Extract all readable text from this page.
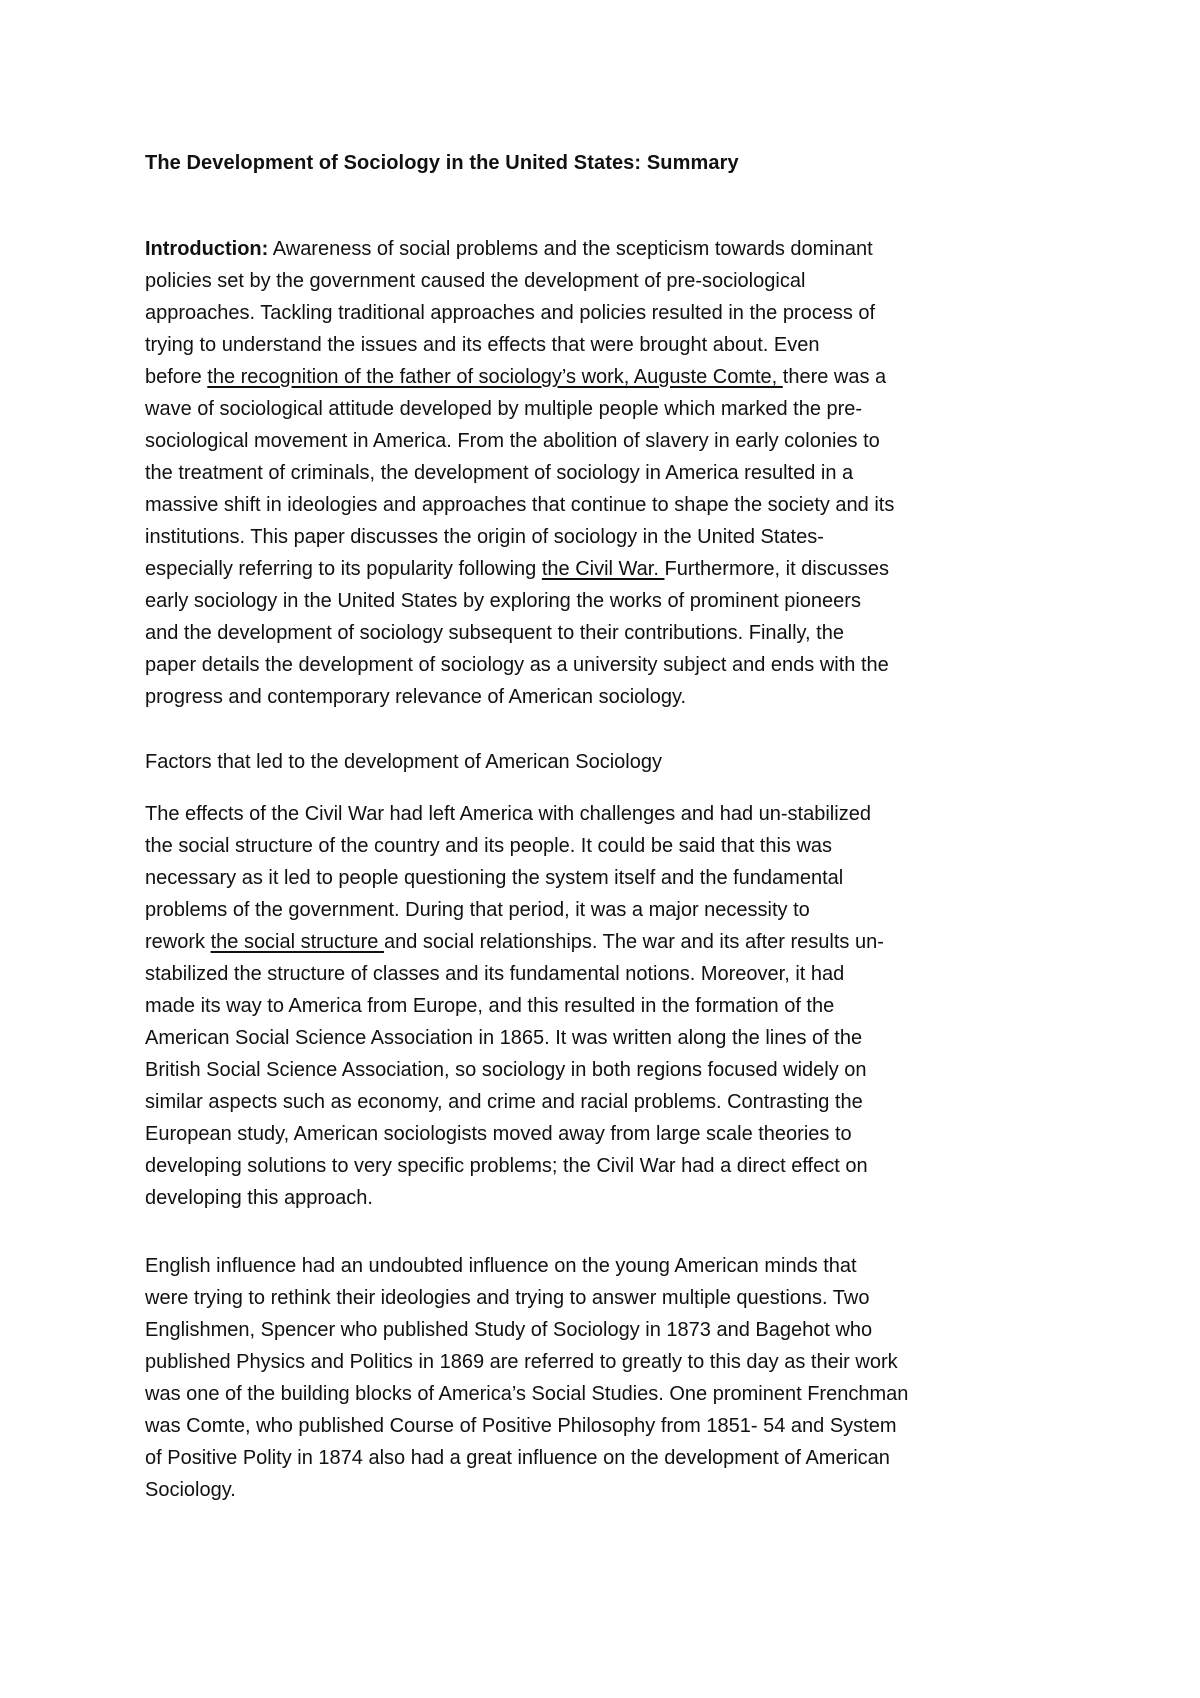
The Development of Sociology in the United States: Summary

Introduction: Awareness of social problems and the scepticism towards dominant
policies set by the government caused the development of pre-sociological
approaches. Tackling traditional approaches and policies resulted in the process of
trying to understand the issues and its effects that were brought about. Even
before the recognition of the father of sociology’s work, Auguste Comte, there was a
wave of sociological attitude developed by multiple people which marked the pre-
sociological movement in America. From the abolition of slavery in early colonies to
the treatment of criminals, the development of sociology in America resulted in a
massive shift in ideologies and approaches that continue to shape the society and its
institutions. This paper discusses the origin of sociology in the United States-
especially referring to its popularity following the Civil War. Furthermore, it discusses
early sociology in the United States by exploring the works of prominent pioneers
and the development of sociology subsequent to their contributions. Finally, the
paper details the development of sociology as a university subject and ends with the
progress and contemporary relevance of American sociology.

Factors that led to the development of American Sociology

The effects of the Civil War had left America with challenges and had un-stabilized
the social structure of the country and its people. It could be said that this was
necessary as it led to people questioning the system itself and the fundamental
problems of the government. During that period, it was a major necessity to
rework the social structure and social relationships. The war and its after results un-
stabilized the structure of classes and its fundamental notions. Moreover, it had
made its way to America from Europe, and this resulted in the formation of the
American Social Science Association in 1865. It was written along the lines of the
British Social Science Association, so sociology in both regions focused widely on
similar aspects such as economy, and crime and racial problems. Contrasting the
European study, American sociologists moved away from large scale theories to
developing solutions to very specific problems; the Civil War had a direct effect on
developing this approach.

English influence had an undoubted influence on the young American minds that
were trying to rethink their ideologies and trying to answer multiple questions. Two
Englishmen, Spencer who published Study of Sociology in 1873 and Bagehot who
published Physics and Politics in 1869 are referred to greatly to this day as their work
was one of the building blocks of America’s Social Studies. One prominent Frenchman
was Comte, who published Course of Positive Philosophy from 1851- 54 and System
of Positive Polity in 1874 also had a great influence on the development of American
Sociology.
